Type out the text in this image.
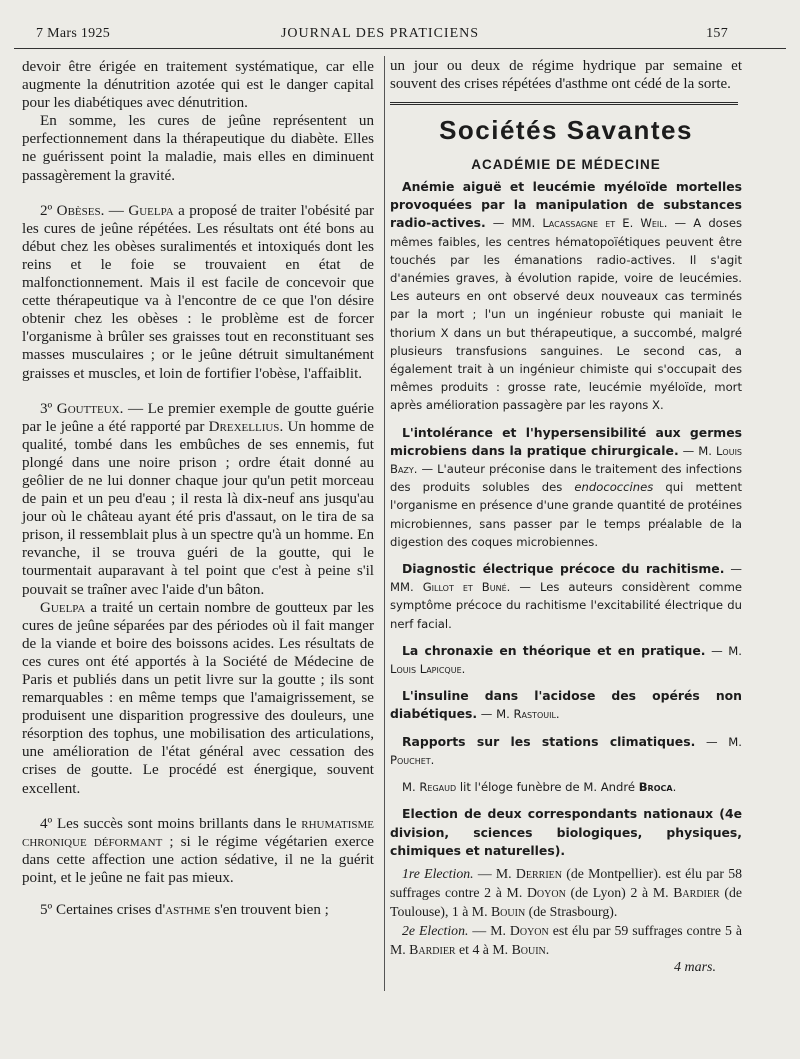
7 Mars 1925	JOURNAL DES PRATICIENS	157

devoir être érigée en traitement systématique, car elle augmente la dénutrition azotée qui est le danger capital pour les diabétiques avec dénutrition.

En somme, les cures de jeûne représentent un perfectionnement dans la thérapeutique du diabète. Elles ne guérissent point la maladie, mais elles en diminuent passagèrement la gravité.

2º Obèses. — Guelpa a proposé de traiter l'obésité par les cures de jeûne répétées. Les résultats ont été bons au début chez les obèses suralimentés et intoxiqués dont les reins et le foie se trouvaient en état de malfonctionnement. Mais il est facile de concevoir que cette thérapeutique va à l'encontre de ce que l'on désire obtenir chez les obèses : le problème est de forcer l'organisme à brûler ses graisses tout en reconstituant ses masses musculaires ; or le jeûne détruit simultanément graisses et muscles, et loin de fortifier l'obèse, l'affaiblit.

3º Goutteux. — Le premier exemple de goutte guérie par le jeûne a été rapporté par Drexellius. Un homme de qualité, tombé dans les embûches de ses ennemis, fut plongé dans une noire prison ; ordre était donné au geôlier de ne lui donner chaque jour qu'un petit morceau de pain et un peu d'eau ; il resta là dix-neuf ans jusqu'au jour où le château ayant été pris d'assaut, on le tira de sa prison, il ressemblait plus à un spectre qu'à un homme. En revanche, il se trouva guéri de la goutte, qui le tourmentait auparavant à tel point que c'est à peine s'il pouvait se traîner avec l'aide d'un bâton.

Guelpa a traité un certain nombre de goutteux par les cures de jeûne séparées par des périodes où il fait manger de la viande et boire des boissons acides. Les résultats de ces cures ont été apportés à la Société de Médecine de Paris et publiés dans un petit livre sur la goutte ; ils sont remarquables : en même temps que l'amaigrissement, se produisent une disparition progressive des douleurs, une résorption des tophus, une mobilisation des articulations, une amélioration de l'état général avec cessation des crises de goutte. Le procédé est énergique, souvent excellent.

4º Les succès sont moins brillants dans le rhumatisme chronique déformant ; si le régime végétarien exerce dans cette affection une action sédative, il ne la guérit point, et le jeûne ne fait pas mieux.

5º Certaines crises d'asthme s'en trouvent bien ;

un jour ou deux de régime hydrique par semaine et souvent des crises répétées d'asthme ont cédé de la sorte.

Sociétés Savantes
ACADÉMIE DE MÉDECINE

Anémie aiguë et leucémie myéloïde mortelles provoquées par la manipulation de substances radio-actives. — MM. Lacassagne et E. Weil. — A doses mêmes faibles, les centres hématopoïétiques peuvent être touchés par les émanations radio-actives. Il s'agit d'anémies graves, à évolution rapide, voire de leucémies. Les auteurs en ont observé deux nouveaux cas terminés par la mort ; l'un un ingénieur robuste qui maniait le thorium X dans un but thérapeutique, a succombé, malgré plusieurs transfusions sanguines. Le second cas, a également trait à un ingénieur chimiste qui s'occupait des mêmes produits : grosse rate, leucémie myéloïde, mort après amélioration passagère par les rayons X.

L'intolérance et l'hypersensibilité aux germes microbiens dans la pratique chirurgicale. — M. Louis Bazy. — L'auteur préconise dans le traitement des infections des produits solubles des endococcines qui mettent l'organisme en présence d'une grande quantité de protéines microbiennes, sans passer par le temps préalable de la digestion des coques microbiennes.

Diagnostic électrique précoce du rachitisme. — MM. Gillot et Buné. — Les auteurs considèrent comme symptôme précoce du rachitisme l'excitabilité électrique du nerf facial.

La chronaxie en théorique et en pratique. — M. Louis Lapicque.

L'insuline dans l'acidose des opérés non diabétiques. — M. Rastouil.

Rapports sur les stations climatiques. — M. Pouchet.

M. Regaud lit l'éloge funèbre de M. André Broca.

Election de deux correspondants nationaux (4e division, sciences biologiques, physiques, chimiques et naturelles).

1re Election. — M. Derrien (de Montpellier). est élu par 58 suffrages contre 2 à M. Doyon (de Lyon) 2 à M. Bardier (de Toulouse), 1 à M. Bouin (de Strasbourg).

2e Election. — M. Doyon est élu par 59 suffrages contre 5 à M. Bardier et 4 à M. Bouin.

4 mars.
